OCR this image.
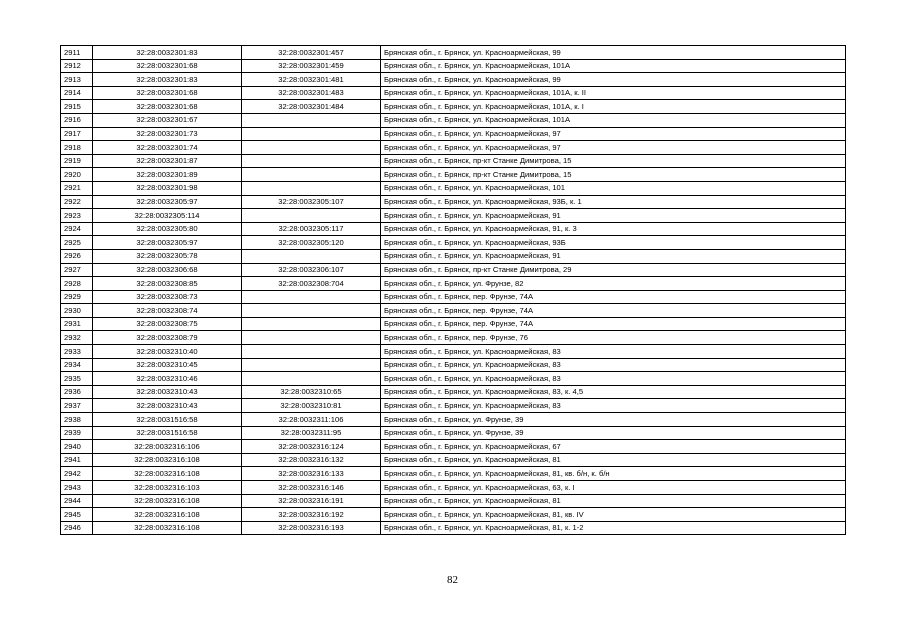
2911	32:28:0032301:83	32:28:0032301:457	Брянская обл., г. Брянск, ул. Красноармейская, 99
2912	32:28:0032301:68	32:28:0032301:459	Брянская обл., г. Брянск, ул. Красноармейская, 101А
2913	32:28:0032301:83	32:28:0032301:481	Брянская обл., г. Брянск, ул. Красноармейская, 99
2914	32:28:0032301:68	32:28:0032301:483	Брянская обл., г. Брянск, ул. Красноармейская, 101А, к. II
2915	32:28:0032301:68	32:28:0032301:484	Брянская обл., г. Брянск, ул. Красноармейская, 101А, к. I
2916	32:28:0032301:67		Брянская обл., г. Брянск, ул. Красноармейская, 101А
2917	32:28:0032301:73		Брянская обл., г. Брянск, ул. Красноармейская, 97
2918	32:28:0032301:74		Брянская обл., г. Брянск, ул. Красноармейская, 97
2919	32:28:0032301:87		Брянская обл., г. Брянск, пр-кт Станке Димитрова, 15
2920	32:28:0032301:89		Брянская обл., г. Брянск, пр-кт Станке Димитрова, 15
2921	32:28:0032301:98		Брянская обл., г. Брянск, ул. Красноармейская, 101
2922	32:28:0032305:97	32:28:0032305:107	Брянская обл., г. Брянск, ул. Красноармейская, 93Б, к. 1
2923	32:28:0032305:114		Брянская обл., г. Брянск, ул. Красноармейская, 91
2924	32:28:0032305:80	32:28:0032305:117	Брянская обл., г. Брянск, ул. Красноармейская, 91, к. 3
2925	32:28:0032305:97	32:28:0032305:120	Брянская обл., г. Брянск, ул. Красноармейская, 93Б
2926	32:28:0032305:78		Брянская обл., г. Брянск, ул. Красноармейская, 91
2927	32:28:0032306:68	32:28:0032306:107	Брянская обл., г. Брянск, пр-кт Станке Димитрова, 29
2928	32:28:0032308:85	32:28:0032308:704	Брянская обл., г. Брянск, ул. Фрунзе, 82
2929	32:28:0032308:73		Брянская обл., г. Брянск, пер. Фрунзе, 74А
2930	32:28:0032308:74		Брянская обл., г. Брянск, пер. Фрунзе, 74А
2931	32:28:0032308:75		Брянская обл., г. Брянск, пер. Фрунзе, 74А
2932	32:28:0032308:79		Брянская обл., г. Брянск, пер. Фрунзе, 76
2933	32:28:0032310:40		Брянская обл., г. Брянск, ул. Красноармейская, 83
2934	32:28:0032310:45		Брянская обл., г. Брянск, ул. Красноармейская, 83
2935	32:28:0032310:46		Брянская обл., г. Брянск, ул. Красноармейская, 83
2936	32:28:0032310:43	32:28:0032310:65	Брянская обл., г. Брянск, ул. Красноармейская, 83, к. 4,5
2937	32:28:0032310:43	32:28:0032310:81	Брянская обл., г. Брянск, ул. Красноармейская, 83
2938	32:28:0031516:58	32:28:0032311:106	Брянская обл., г. Брянск, ул. Фрунзе, 39
2939	32:28:0031516:58	32:28:0032311:95	Брянская обл., г. Брянск, ул. Фрунзе, 39
2940	32:28:0032316:106	32:28:0032316:124	Брянская обл., г. Брянск, ул. Красноармейская, 67
2941	32:28:0032316:108	32:28:0032316:132	Брянская обл., г. Брянск, ул. Красноармейская, 81
2942	32:28:0032316:108	32:28:0032316:133	Брянская обл., г. Брянск, ул. Красноармейская, 81, кв. б/н, к. б/н
2943	32:28:0032316:103	32:28:0032316:146	Брянская обл., г. Брянск, ул. Красноармейская, 63, к. I
2944	32:28:0032316:108	32:28:0032316:191	Брянская обл., г. Брянск, ул. Красноармейская, 81
2945	32:28:0032316:108	32:28:0032316:192	Брянская обл., г. Брянск, ул. Красноармейская, 81, кв. IV
2946	32:28:0032316:108	32:28:0032316:193	Брянская обл., г. Брянск, ул. Красноармейская, 81, к. 1-2
82
